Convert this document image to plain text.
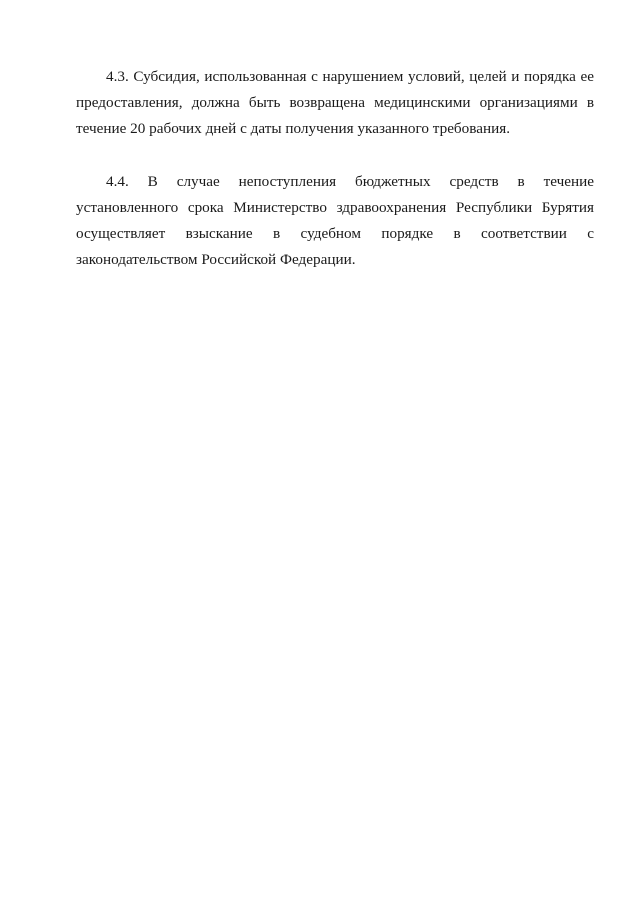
4.3. Субсидия, использованная с нарушением условий, целей и порядка ее предоставления, должна быть возвращена медицинскими организациями в течение 20 рабочих дней с даты получения указанного требования.

4.4. В случае непоступления бюджетных средств в течение установленного срока Министерство здравоохранения Республики Бурятия осуществляет взыскание в судебном порядке в соответствии с законодательством Российской Федерации.
